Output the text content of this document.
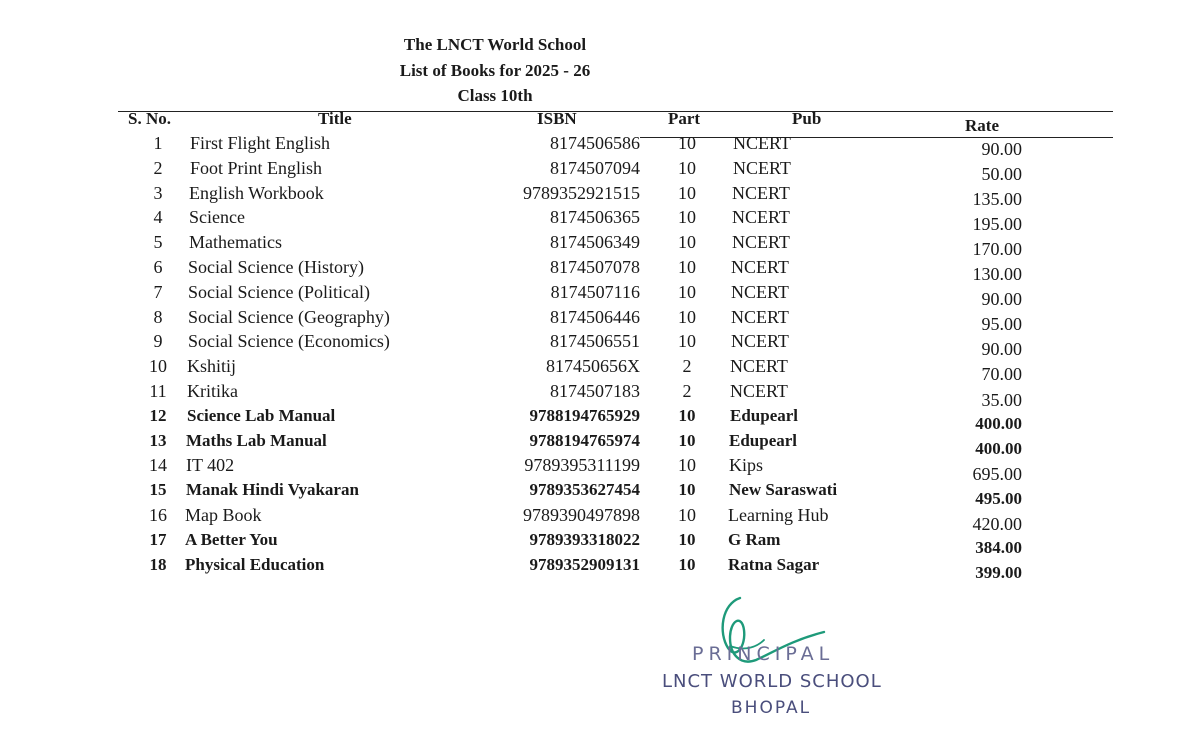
The LNCT World School
List of Books for 2025 - 26
Class 10th
S. No.	Title	ISBN	Part	Pub	Rate
1	First Flight English	8174506586	10	NCERT	90.00
2	Foot Print English	8174507094	10	NCERT	50.00
3	English Workbook	9789352921515	10	NCERT	135.00
4	Science	8174506365	10	NCERT	195.00
5	Mathematics	8174506349	10	NCERT	170.00
6	Social Science (History)	8174507078	10	NCERT	130.00
7	Social Science (Political)	8174507116	10	NCERT	90.00
8	Social Science (Geography)	8174506446	10	NCERT	95.00
9	Social Science (Economics)	8174506551	10	NCERT	90.00
10	Kshitij	817450656X	2	NCERT	70.00
11	Kritika	8174507183	2	NCERT	35.00
12	Science Lab Manual	9788194765929	10	Edupearl	400.00
13	Maths Lab Manual	9788194765974	10	Edupearl	400.00
14	IT 402	9789395311199	10	Kips	695.00
15	Manak Hindi Vyakaran	9789353627454	10	New Saraswati	495.00
16	Map Book	9789390497898	10	Learning Hub	420.00
17	A Better You	9789393318022	10	G Ram	384.00
18	Physical Education	9789352909131	10	Ratna Sagar	399.00
PRINCIPAL
LNCT WORLD SCHOOL
BHOPAL
